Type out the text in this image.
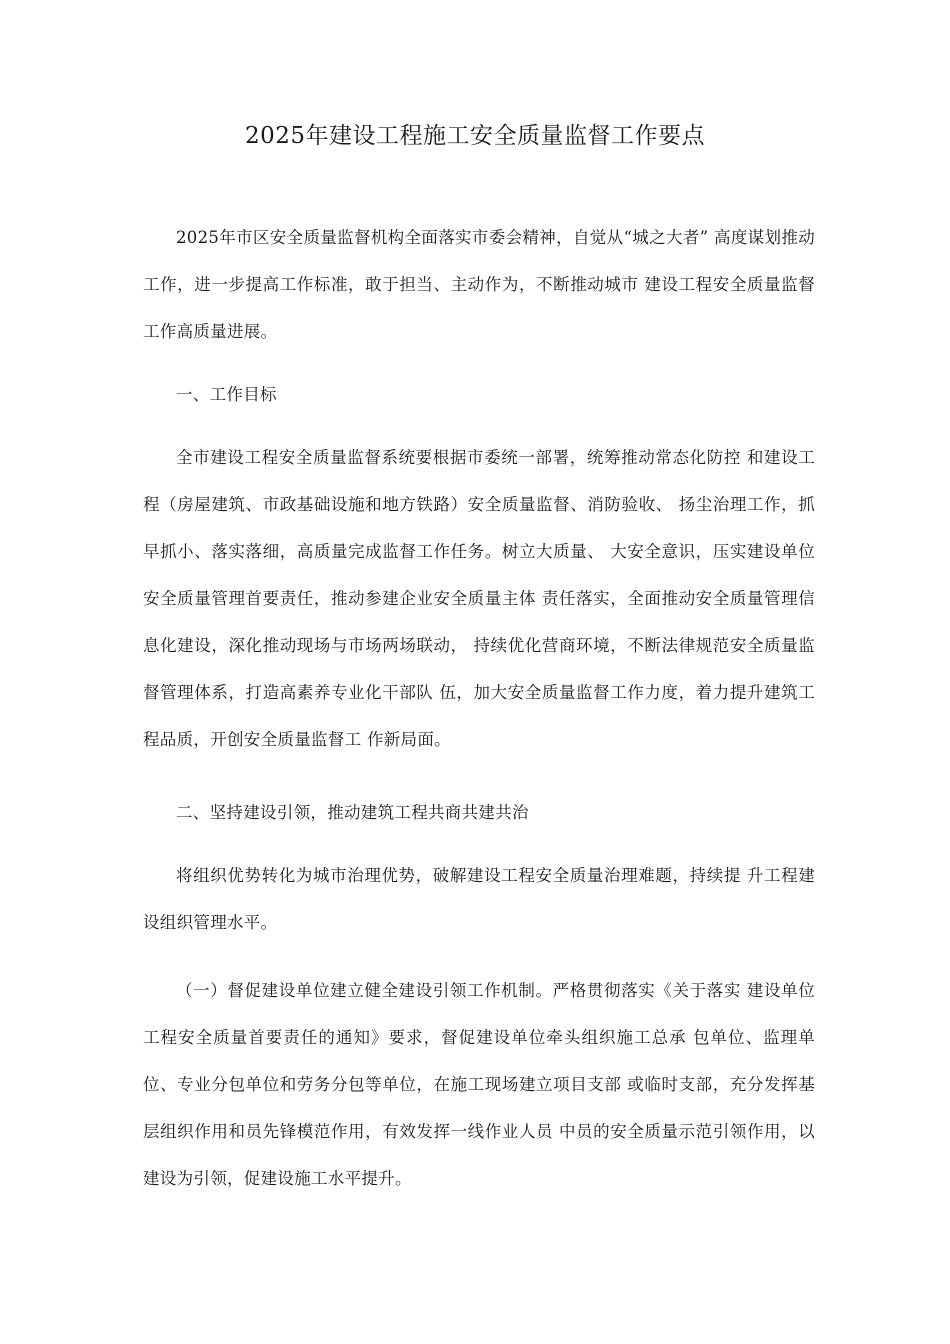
2025年建设工程施工安全质量监督工作要点

2025年市区安全质量监督机构全面落实市委会精神，自觉从“城之大者” 高度谋划推动工作，进一步提高工作标准，敢于担当、主动作为，不断推动城市 建设工程安全质量监督工作高质量进展。

一、工作目标

全市建设工程安全质量监督系统要根据市委统一部署，统筹推动常态化防控 和建设工程（房屋建筑、市政基础设施和地方铁路）安全质量监督、消防验收、 扬尘治理工作，抓早抓小、落实落细，高质量完成监督工作任务。树立大质量、 大安全意识，压实建设单位安全质量管理首要责任，推动参建企业安全质量主体 责任落实，全面推动安全质量管理信息化建设，深化推动现场与市场两场联动， 持续优化营商环境，不断法律规范安全质量监督管理体系，打造高素养专业化干部队 伍，加大安全质量监督工作力度，着力提升建筑工程品质，开创安全质量监督工 作新局面。

二、坚持建设引领，推动建筑工程共商共建共治

将组织优势转化为城市治理优势，破解建设工程安全质量治理难题，持续提 升工程建设组织管理水平。

（一）督促建设单位建立健全建设引领工作机制。严格贯彻落实《关于落实 建设单位工程安全质量首要责任的通知》要求，督促建设单位牵头组织施工总承 包单位、监理单位、专业分包单位和劳务分包等单位，在施工现场建立项目支部 或临时支部，充分发挥基层组织作用和员先锋模范作用，有效发挥一线作业人员 中员的安全质量示范引领作用，以建设为引领，促建设施工水平提升。
